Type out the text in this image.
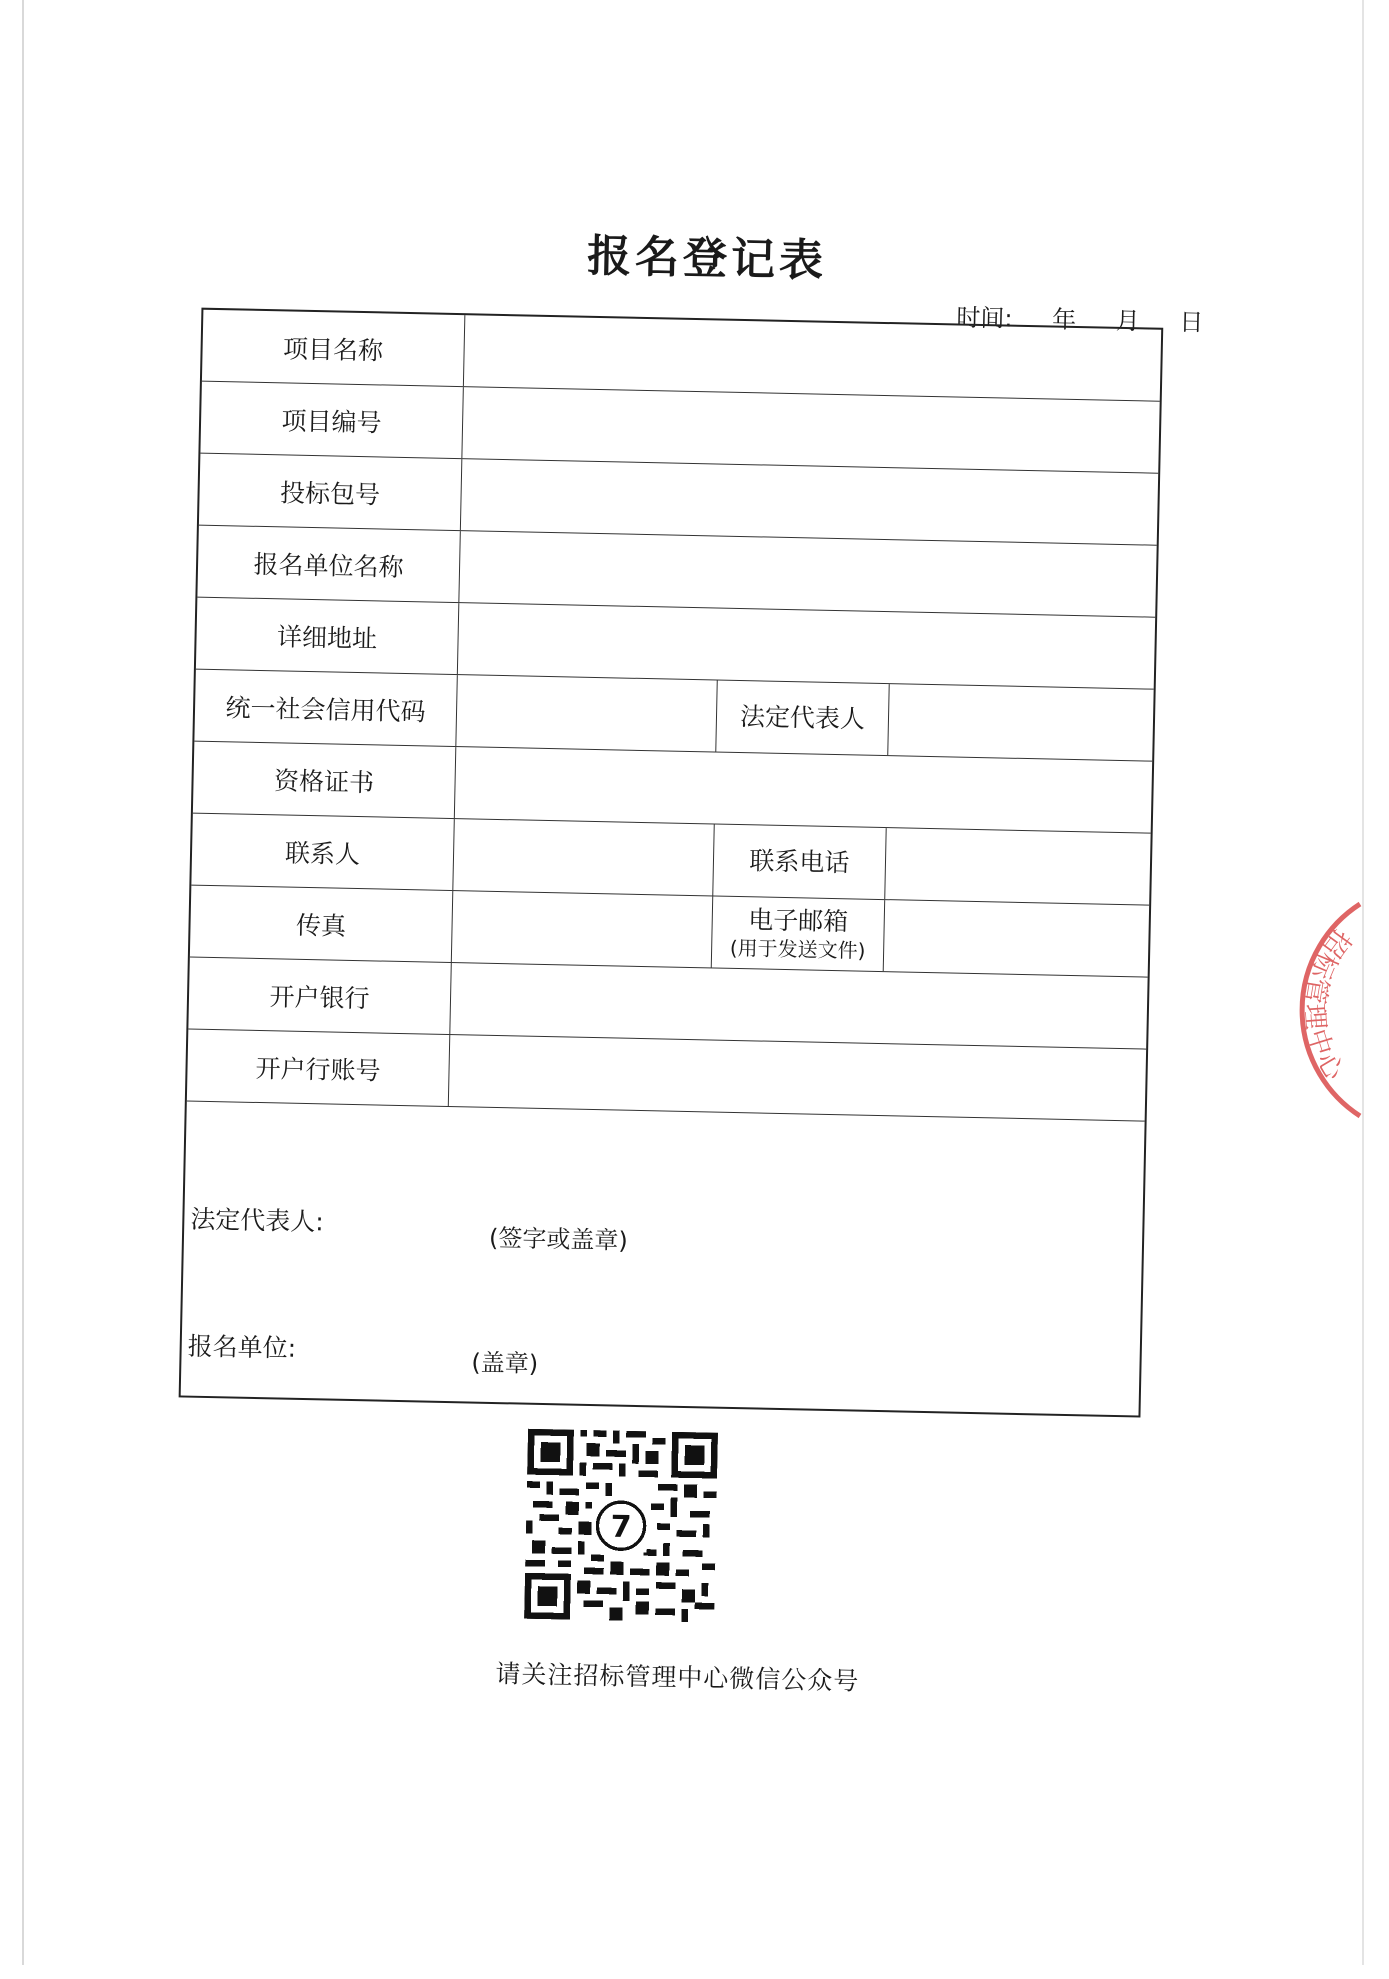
报名登记表
时间: 年 月 日
项目名称
项目编号
投标包号
报名单位名称
详细地址
统一社会信用代码	法定代表人
资格证书
联系人	联系电话
传真	电子邮箱
(用于发送文件)
开户银行
开户行账号
法定代表人:
(签字或盖章)
报名单位:
(盖章)
7
请关注招标管理中心微信公众号
招标管理中心
